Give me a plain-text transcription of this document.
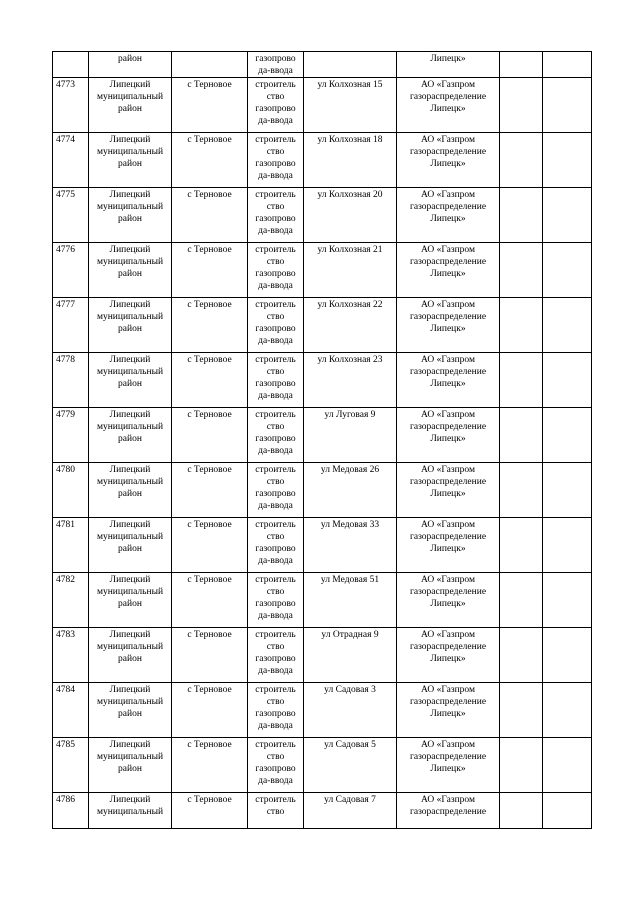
	район		газопрово
да-ввода		Липецк»		

4773	Липецкий
муниципальный
район	с Терновое	строитель
ство
газопрово
да-ввода	ул Колхозная 15	АО «Газпром
газораспределение
Липецк»		

4774	Липецкий
муниципальный
район	с Терновое	строитель
ство
газопрово
да-ввода	ул Колхозная 18	АО «Газпром
газораспределение
Липецк»		

4775	Липецкий
муниципальный
район	с Терновое	строитель
ство
газопрово
да-ввода	ул Колхозная 20	АО «Газпром
газораспределение
Липецк»		

4776	Липецкий
муниципальный
район	с Терновое	строитель
ство
газопрово
да-ввода	ул Колхозная 21	АО «Газпром
газораспределение
Липецк»		

4777	Липецкий
муниципальный
район	с Терновое	строитель
ство
газопрово
да-ввода	ул Колхозная 22	АО «Газпром
газораспределение
Липецк»		

4778	Липецкий
муниципальный
район	с Терновое	строитель
ство
газопрово
да-ввода	ул Колхозная 23	АО «Газпром
газораспределение
Липецк»		

4779	Липецкий
муниципальный
район	с Терновое	строитель
ство
газопрово
да-ввода	ул Луговая 9	АО «Газпром
газораспределение
Липецк»		

4780	Липецкий
муниципальный
район	с Терновое	строитель
ство
газопрово
да-ввода	ул Медовая 26	АО «Газпром
газораспределение
Липецк»		

4781	Липецкий
муниципальный
район	с Терновое	строитель
ство
газопрово
да-ввода	ул Медовая 33	АО «Газпром
газораспределение
Липецк»		

4782	Липецкий
муниципальный
район	с Терновое	строитель
ство
газопрово
да-ввода	ул Медовая 51	АО «Газпром
газораспределение
Липецк»		

4783	Липецкий
муниципальный
район	с Терновое	строитель
ство
газопрово
да-ввода	ул Отрадная 9	АО «Газпром
газораспределение
Липецк»		

4784	Липецкий
муниципальный
район	с Терновое	строитель
ство
газопрово
да-ввода	ул Садовая 3	АО «Газпром
газораспределение
Липецк»		

4785	Липецкий
муниципальный
район	с Терновое	строитель
ство
газопрово
да-ввода	ул Садовая 5	АО «Газпром
газораспределение
Липецк»		

4786	Липецкий
муниципальный	с Терновое	строитель
ство	ул Садовая 7	АО «Газпром
газораспределение		
